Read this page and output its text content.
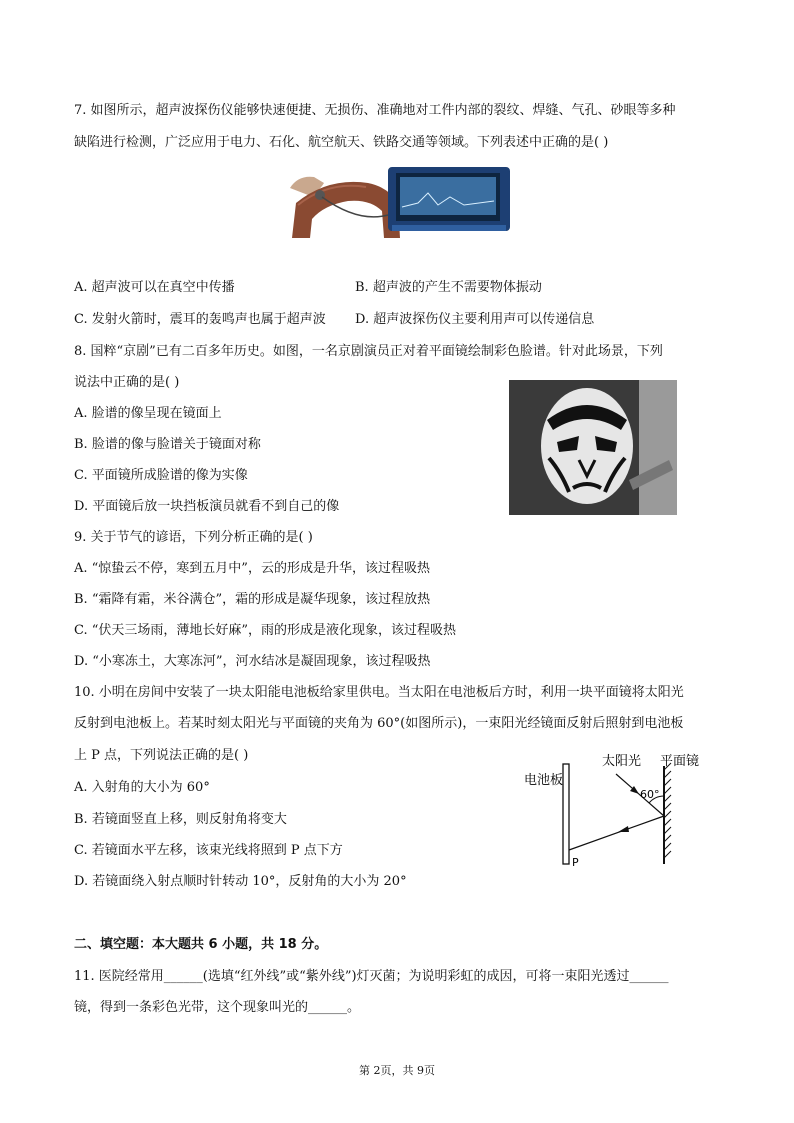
7. 如图所示，超声波探伤仪能够快速便捷、无损伤、准确地对工件内部的裂纹、焊缝、气孔、砂眼等多种
缺陷进行检测，广泛应用于电力、石化、航空航天、铁路交通等领域。下列表述中正确的是( )
A. 超声波可以在真空中传播	B. 超声波的产生不需要物体振动
C. 发射火箭时，震耳的轰鸣声也属于超声波 D. 超声波探伤仪主要利用声可以传递信息
8. 国粹“京剧”已有二百多年历史。如图，一名京剧演员正对着平面镜绘制彩色脸谱。针对此场景，下列
说法中正确的是( )
A. 脸谱的像呈现在镜面上
B. 脸谱的像与脸谱关于镜面对称
C. 平面镜所成脸谱的像为实像
D. 平面镜后放一块挡板演员就看不到自己的像
9. 关于节气的谚语，下列分析正确的是( )
A. “惊蛰云不停，寒到五月中”，云的形成是升华，该过程吸热
B. “霜降有霜，米谷满仓”，霜的形成是凝华现象，该过程放热
C. “伏天三场雨，薄地长好麻”，雨的形成是液化现象，该过程吸热
D. “小寒冻土，大寒冻河”，河水结冰是凝固现象，该过程吸热
10. 小明在房间中安装了一块太阳能电池板给家里供电。当太阳在电池板后方时，利用一块平面镜将太阳光
反射到电池板上。若某时刻太阳光与平面镜的夹角为 60°(如图所示)，一束阳光经镜面反射后照射到电池板
上 P 点，下列说法正确的是( )
A. 入射角的大小为 60°
B. 若镜面竖直上移，则反射角将变大
C. 若镜面水平左移，该束光线将照到 P 点下方
D. 若镜面绕入射点顺时针转动 10°，反射角的大小为 20°
电池板
平面镜
太阳光
60°
P
二、填空题：本大题共 6 小题，共 18 分。
11. 医院经常用______(选填“红外线”或“紫外线”)灯灭菌；为说明彩虹的成因，可将一束阳光透过______
镜，得到一条彩色光带，这个现象叫光的______。
第 2页，共 9页
